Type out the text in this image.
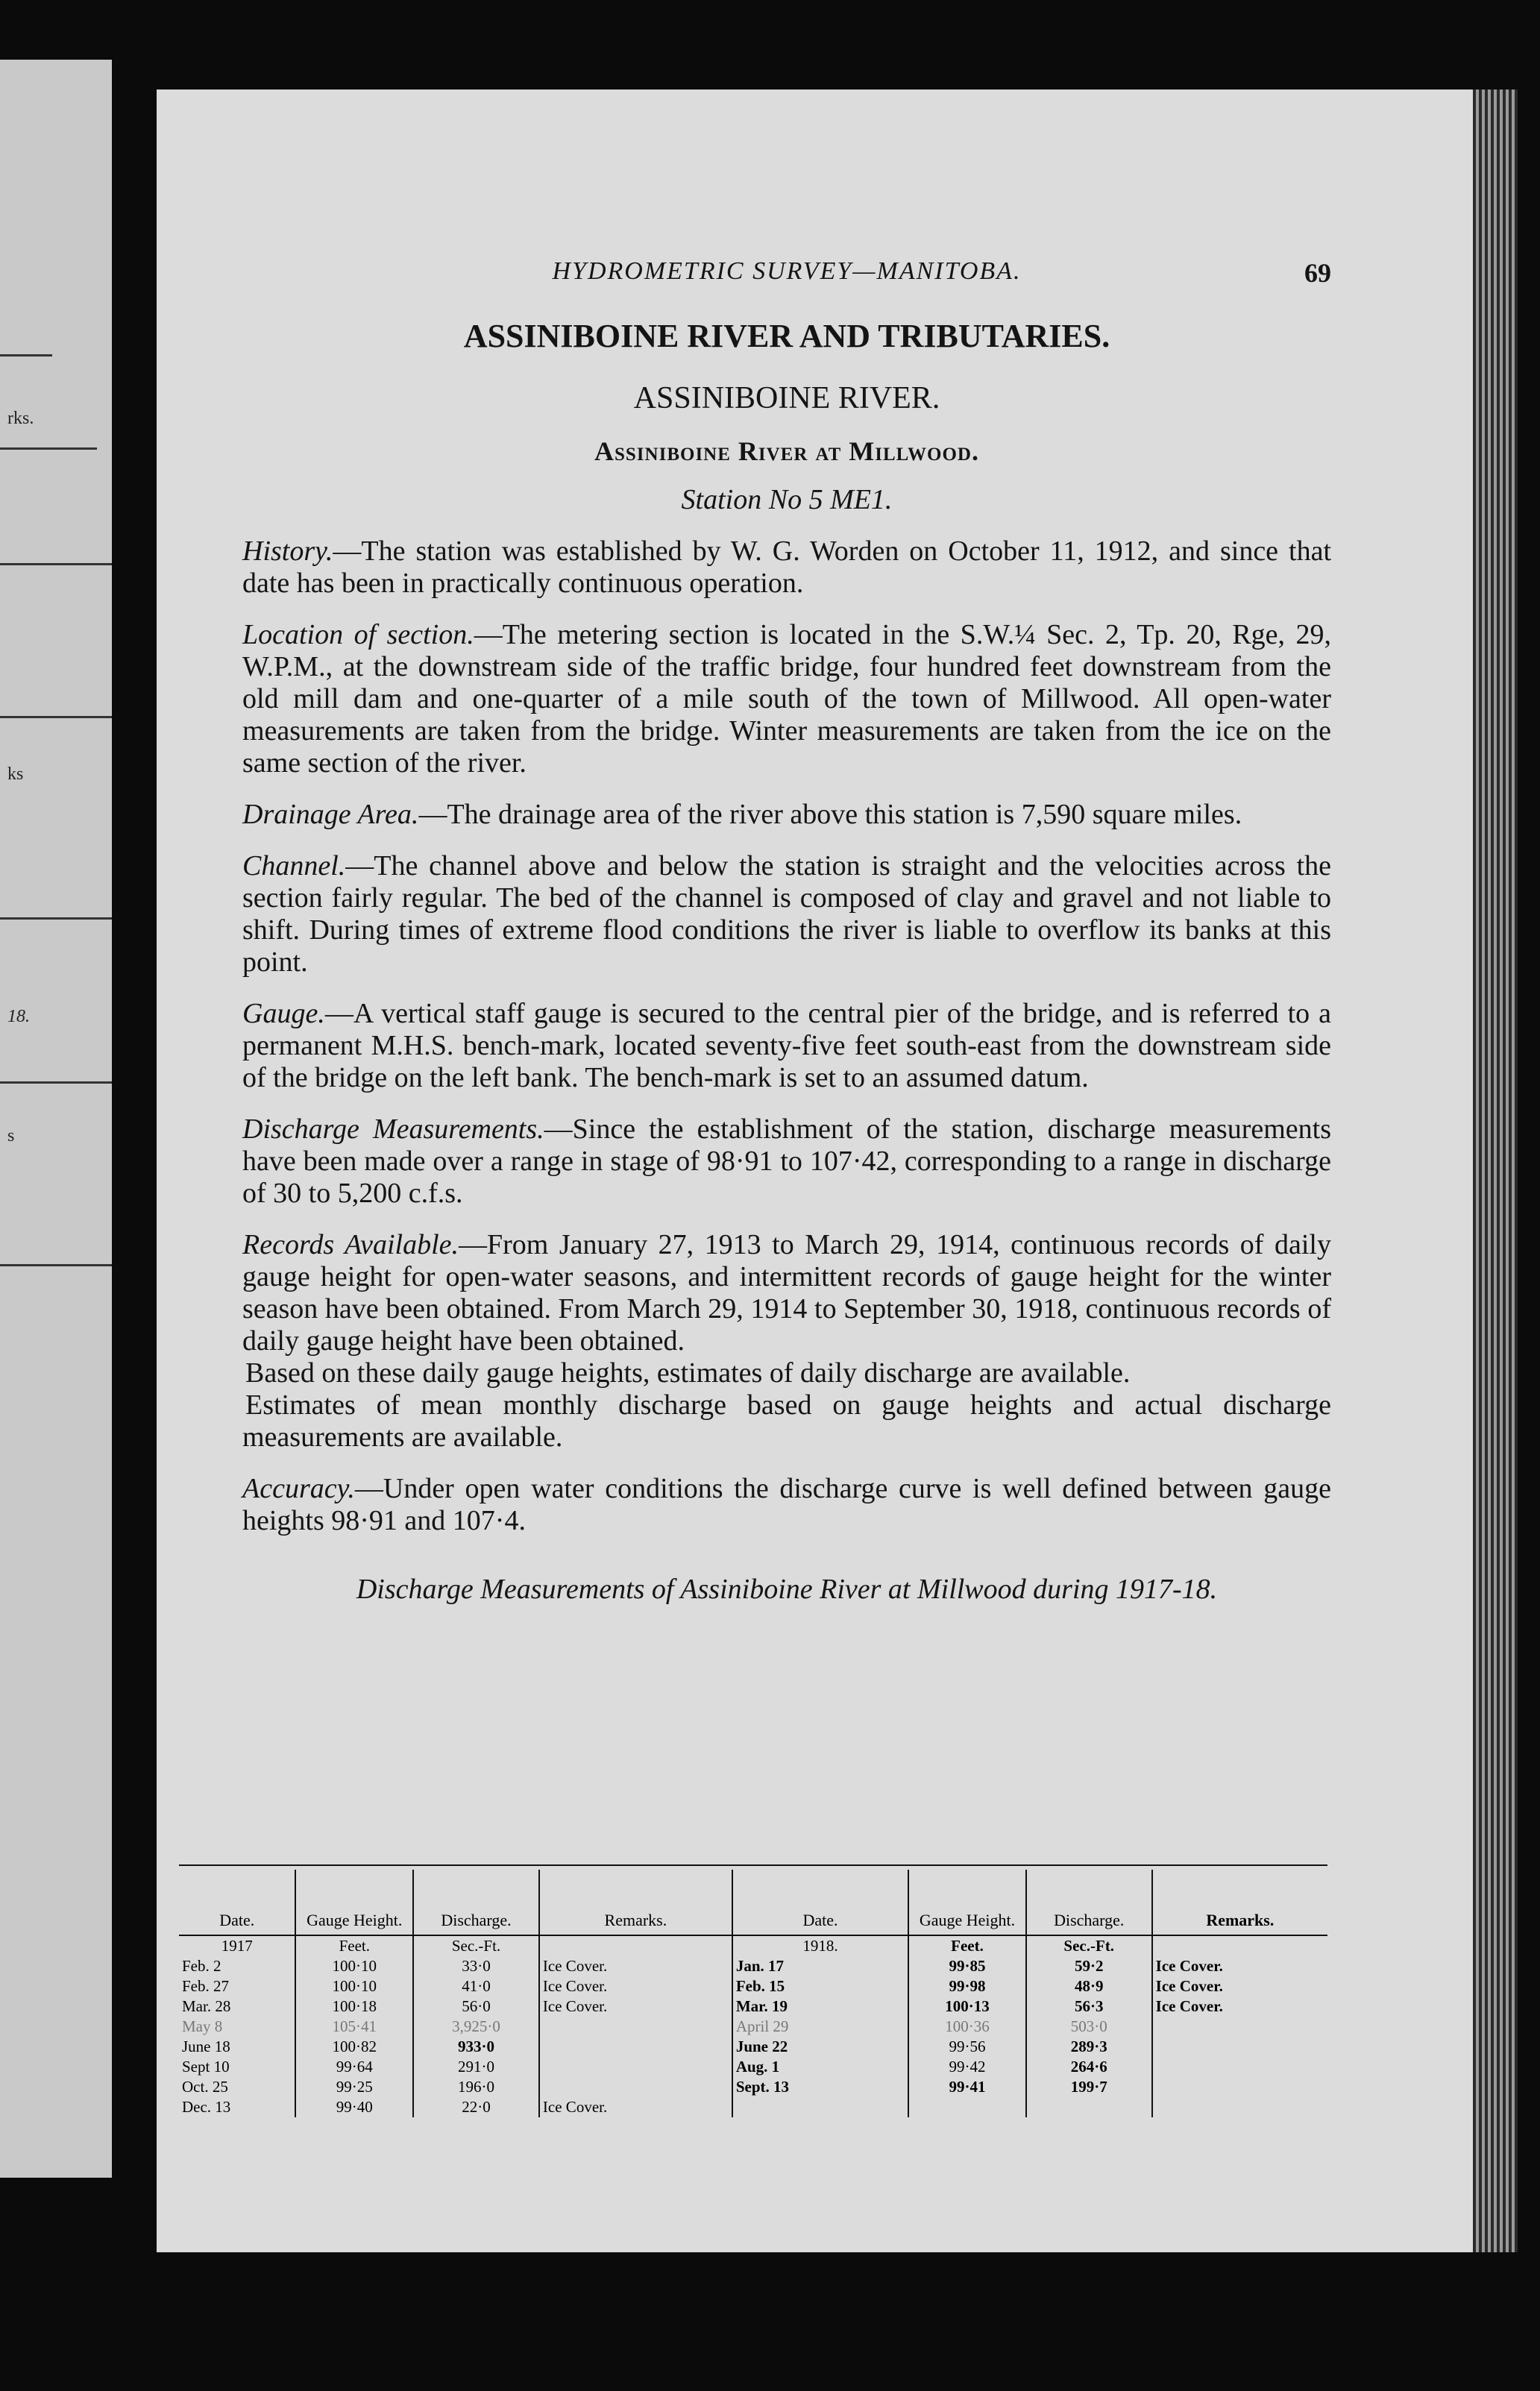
rks.
ks
18.
s
HYDROMETRIC SURVEY—MANITOBA.	69
ASSINIBOINE RIVER AND TRIBUTARIES.
ASSINIBOINE RIVER.
Assiniboine River at Millwood.
Station No 5 ME1.
History.—The station was established by W. G. Worden on October 11, 1912, and since that date has been in practically continuous operation.
Location of section.—The metering section is located in the S.W.¼ Sec. 2, Tp. 20, Rge, 29, W.P.M., at the downstream side of the traffic bridge, four hundred feet downstream from the old mill dam and one-quarter of a mile south of the town of Millwood. All open-water measurements are taken from the bridge. Winter measurements are taken from the ice on the same section of the river.
Drainage Area.—The drainage area of the river above this station is 7,590 square miles.
Channel.—The channel above and below the station is straight and the velocities across the section fairly regular. The bed of the channel is composed of clay and gravel and not liable to shift. During times of extreme flood conditions the river is liable to overflow its banks at this point.
Gauge.—A vertical staff gauge is secured to the central pier of the bridge, and is referred to a permanent M.H.S. bench-mark, located seventy-five feet south-east from the downstream side of the bridge on the left bank. The bench-mark is set to an assumed datum.
Discharge Measurements.—Since the establishment of the station, discharge measurements have been made over a range in stage of 98·91 to 107·42, corresponding to a range in discharge of 30 to 5,200 c.f.s.
Records Available.—From January 27, 1913 to March 29, 1914, continuous records of daily gauge height for open-water seasons, and intermittent records of gauge height for the winter season have been obtained. From March 29, 1914 to September 30, 1918, continuous records of daily gauge height have been obtained.
Based on these daily gauge heights, estimates of daily discharge are available.
Estimates of mean monthly discharge based on gauge heights and actual discharge measurements are available.
Accuracy.—Under open water conditions the discharge curve is well defined between gauge heights 98·91 and 107·4.
Discharge Measurements of Assiniboine River at Millwood during 1917-18.
Date.	Gauge Height.	Discharge.	Remarks.	Date.	Gauge Height.	Discharge.	Remarks.
1917	Feet.	Sec.-Ft.		1918.	Feet.	Sec.-Ft.	
Feb. 2	100·10	33·0	Ice Cover.	Jan. 17	99·85	59·2	Ice Cover.
Feb. 27	100·10	41·0	Ice Cover.	Feb. 15	99·98	48·9	Ice Cover.
Mar. 28	100·18	56·0	Ice Cover.	Mar. 19	100·13	56·3	Ice Cover.
May 8	105·41	3,925·0		April 29	100·36	503·0	
June 18	100·82	933·0		June 22	99·56	289·3	
Sept 10	99·64	291·0		Aug. 1	99·42	264·6	
Oct. 25	99·25	196·0		Sept. 13	99·41	199·7	
Dec. 13	99·40	22·0	Ice Cover.				
